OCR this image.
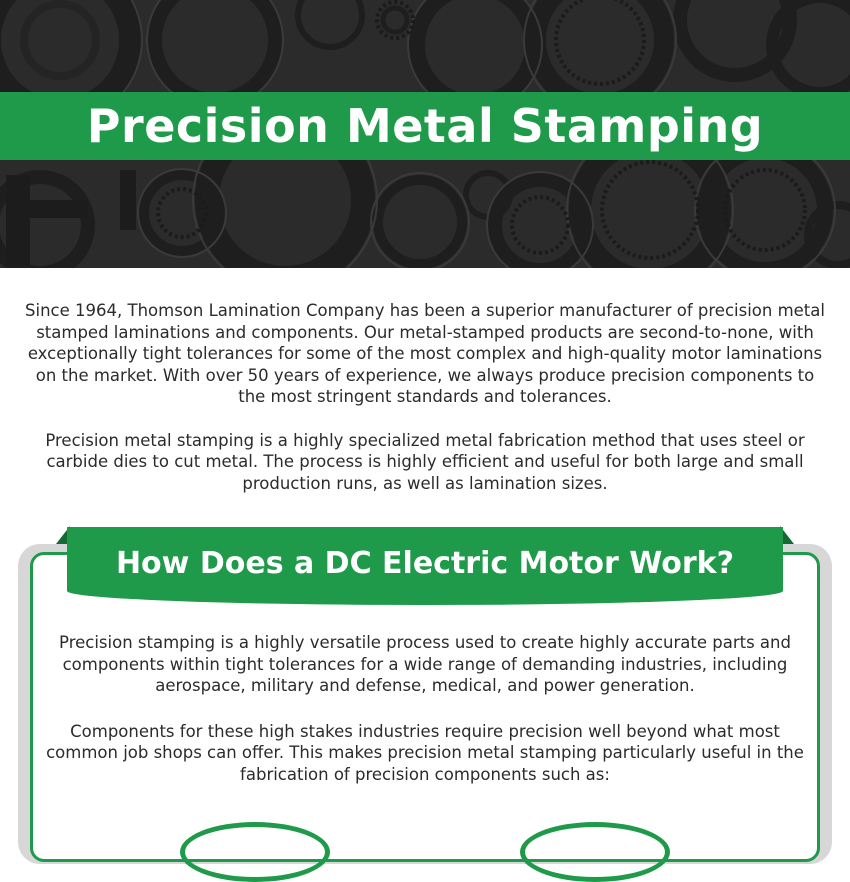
Precision Metal Stamping

Since 1964, Thomson Lamination Company has been a superior manufacturer of precision metal stamped laminations and components. Our metal-stamped products are second-to-none, with exceptionally tight tolerances for some of the most complex and high-quality motor laminations on the market. With over 50 years of experience, we always produce precision components to the most stringent standards and tolerances.

Precision metal stamping is a highly specialized metal fabrication method that uses steel or carbide dies to cut metal. The process is highly efficient and useful for both large and small production runs, as well as lamination sizes.

How Does a DC Electric Motor Work?

Precision stamping is a highly versatile process used to create highly accurate parts and components within tight tolerances for a wide range of demanding industries, including aerospace, military and defense, medical, and power generation.

Components for these high stakes industries require precision well beyond what most common job shops can offer. This makes precision metal stamping particularly useful in the fabrication of precision components such as:
